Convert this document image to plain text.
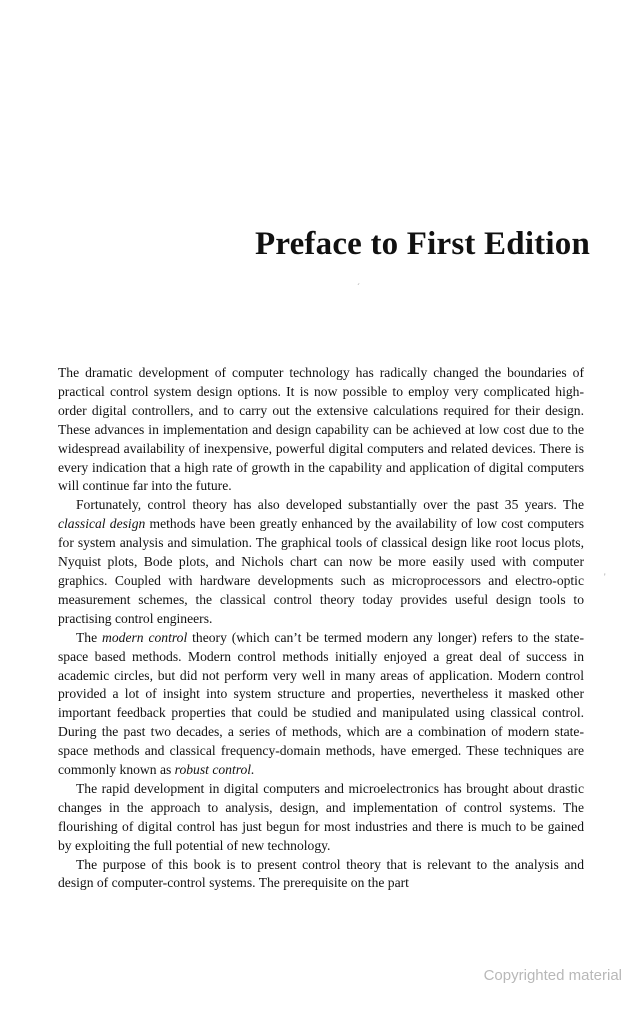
Preface to First Edition
´
'

The dramatic development of computer technology has radically changed the boundaries of practical control system design options. It is now possible to employ very complicated high-order digital controllers, and to carry out the extensive calculations required for their design. These advances in implementation and design capability can be achieved at low cost due to the widespread availability of inexpensive, powerful digital computers and related devices. There is every indication that a high rate of growth in the capability and application of digital computers will continue far into the future.

Fortunately, control theory has also developed substantially over the past 35 years. The classical design methods have been greatly enhanced by the availability of low cost computers for system analysis and simulation. The graphical tools of classical design like root locus plots, Nyquist plots, Bode plots, and Nichols chart can now be more easily used with computer graphics. Coupled with hardware developments such as microprocessors and electro-optic measurement schemes, the classical control theory today provides useful design tools to practising control engineers.

The modern control theory (which can’t be termed modern any longer) refers to the state-space based methods. Modern control methods initially enjoyed a great deal of success in academic circles, but did not perform very well in many areas of application. Modern control provided a lot of insight into system structure and properties, nevertheless it masked other important feedback properties that could be studied and manipulated using classical control. During the past two decades, a series of methods, which are a combination of modern state-space methods and classical frequency-domain methods, have emerged. These techniques are commonly known as robust control.

The rapid development in digital computers and microelectronics has brought about drastic changes in the approach to analysis, design, and implementation of control systems. The flourishing of digital control has just begun for most industries and there is much to be gained by exploiting the full potential of new technology.

The purpose of this book is to present control theory that is relevant to the analysis and design of computer-control systems. The prerequisite on the part

Copyrighted material
